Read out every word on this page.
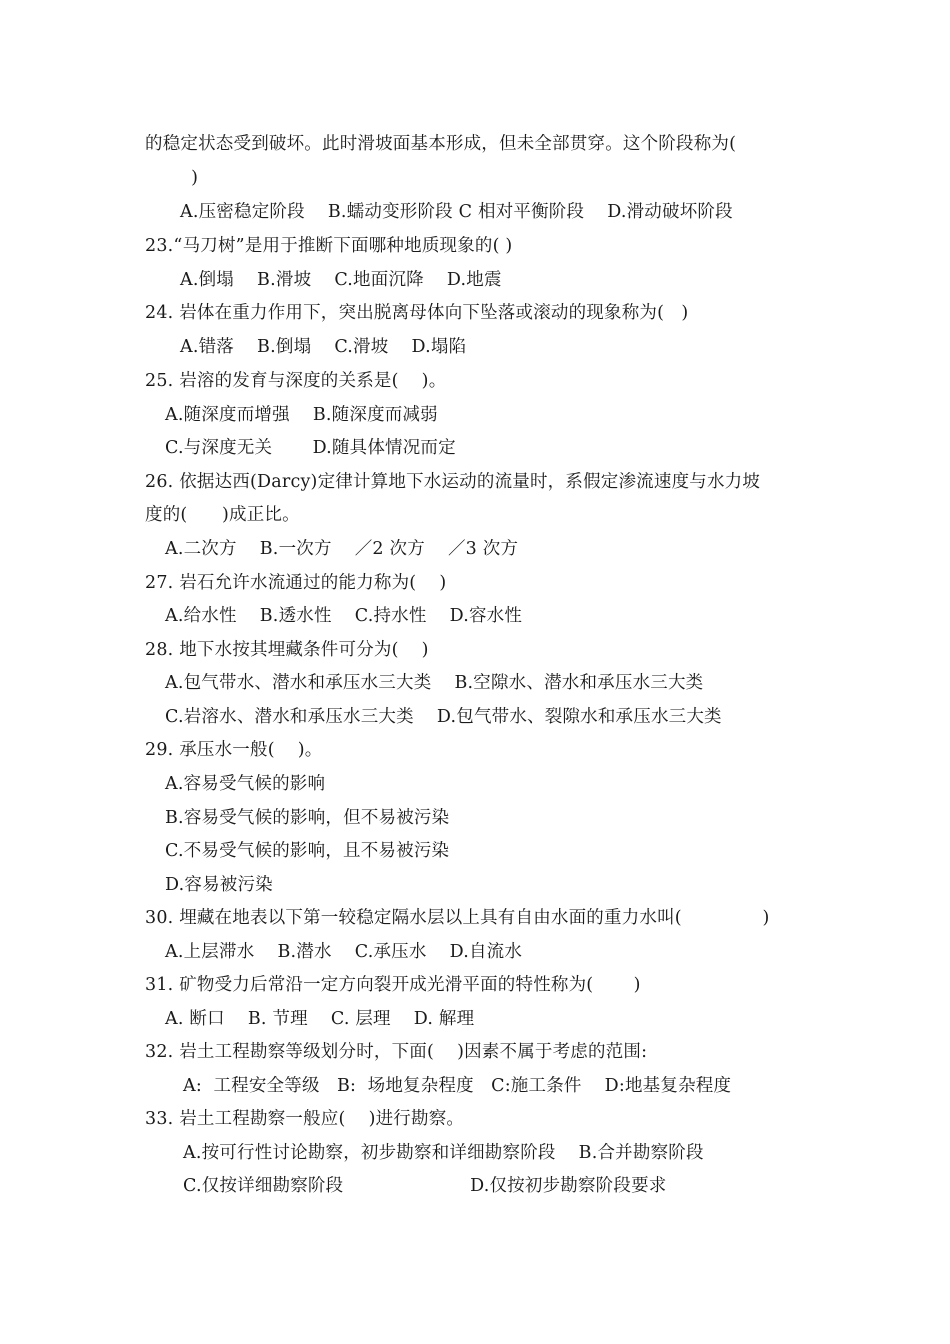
的稳定状态受到破坏。此时滑坡面基本形成，但未全部贯穿。这个阶段称为(
)
A.压密稳定阶段    B.蠕动变形阶段 C 相对平衡阶段    D.滑动破坏阶段
23.“马刀树”是用于推断下面哪种地质现象的( )
A.倒塌    B.滑坡    C.地面沉降    D.地震
24. 岩体在重力作用下，突出脱离母体向下坠落或滚动的现象称为(   )
A.错落    B.倒塌    C.滑坡    D.塌陷
25. 岩溶的发育与深度的关系是(    )。
A.随深度而增强    B.随深度而减弱
C.与深度无关       D.随具体情况而定
26. 依据达西(Darcy)定律计算地下水运动的流量时，系假定渗流速度与水力坡
度的(      )成正比。
A.二次方    B.一次方    ／2 次方    ／3 次方
27. 岩石允许水流通过的能力称为(    )
A.给水性    B.透水性    C.持水性    D.容水性
28. 地下水按其埋藏条件可分为(    )
A.包气带水、潜水和承压水三大类    B.空隙水、潜水和承压水三大类
C.岩溶水、潜水和承压水三大类    D.包气带水、裂隙水和承压水三大类
29. 承压水一般(    )。
A.容易受气候的影响
B.容易受气候的影响，但不易被污染
C.不易受气候的影响，且不易被污染
D.容易被污染
30. 埋藏在地表以下第一较稳定隔水层以上具有自由水面的重力水叫(              )
A.上层滞水    B.潜水    C.承压水    D.自流水
31. 矿物受力后常沿一定方向裂开成光滑平面的特性称为(       )
A. 断口    B. 节理    C. 层理    D. 解理
32. 岩土工程勘察等级划分时，下面(    )因素不属于考虑的范围:
A:  工程安全等级   B:  场地复杂程度   C:施工条件    D:地基复杂程度
33. 岩土工程勘察一般应(    )进行勘察。
A.按可行性讨论勘察，初步勘察和详细勘察阶段    B.合并勘察阶段
C.仅按详细勘察阶段                      D.仅按初步勘察阶段要求
